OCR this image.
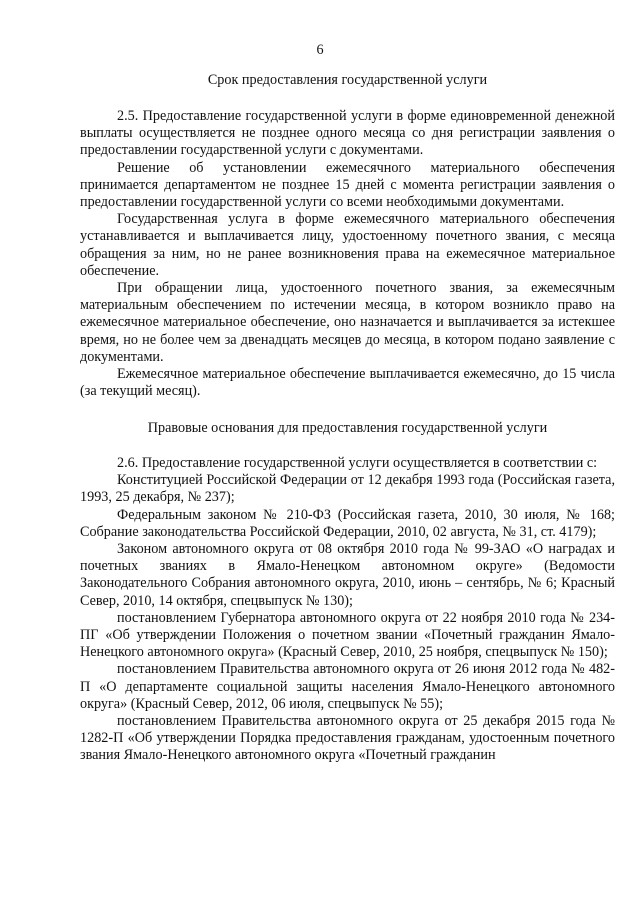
6
Срок предоставления государственной услуги

2.5. Предоставление государственной услуги в форме единовременной денежной выплаты осуществляется не позднее одного месяца со дня регистрации заявления о предоставлении государственной услуги с документами.

Решение об установлении ежемесячного материального обеспечения принимается департаментом не позднее 15 дней с момента регистрации заявления о предоставлении государственной услуги со всеми необходимыми документами.

Государственная услуга в форме ежемесячного материального обеспечения устанавливается и выплачивается лицу, удостоенному почетного звания, с месяца обращения за ним, но не ранее возникновения права на ежемесячное материальное обеспечение.

При обращении лица, удостоенного почетного звания, за ежемесячным материальным обеспечением по истечении месяца, в котором возникло право на ежемесячное материальное обеспечение, оно назначается и выплачивается за истекшее время, но не более чем за двенадцать месяцев до месяца, в котором подано заявление с документами.

Ежемесячное материальное обеспечение выплачивается ежемесячно, до 15 числа (за текущий месяц).

Правовые основания для предоставления государственной услуги

2.6. Предоставление государственной услуги осуществляется в соответствии с:

Конституцией Российской Федерации от 12 декабря 1993 года (Российская газета, 1993, 25 декабря, № 237);

Федеральным законом № 210-ФЗ (Российская газета, 2010, 30 июля, № 168; Собрание законодательства Российской Федерации, 2010, 02 августа, № 31, ст. 4179);

Законом автономного округа от 08 октября 2010 года № 99-ЗАО «О наградах и почетных званиях в Ямало-Ненецком автономном округе» (Ведомости Законодательного Собрания автономного округа, 2010, июнь – сентябрь, № 6; Красный Север, 2010, 14 октября, спецвыпуск № 130);

постановлением Губернатора автономного округа от 22 ноября 2010 года № 234-ПГ «Об утверждении Положения о почетном звании «Почетный гражданин Ямало-Ненецкого автономного округа» (Красный Север, 2010, 25 ноября, спецвыпуск № 150);

постановлением Правительства автономного округа от 26 июня 2012 года № 482-П «О департаменте социальной защиты населения Ямало-Ненецкого автономного округа» (Красный Север, 2012, 06 июля, спецвыпуск № 55);

постановлением Правительства автономного округа от 25 декабря 2015 года № 1282-П «Об утверждении Порядка предоставления гражданам, удостоенным почетного звания Ямало-Ненецкого автономного округа «Почетный гражданин
